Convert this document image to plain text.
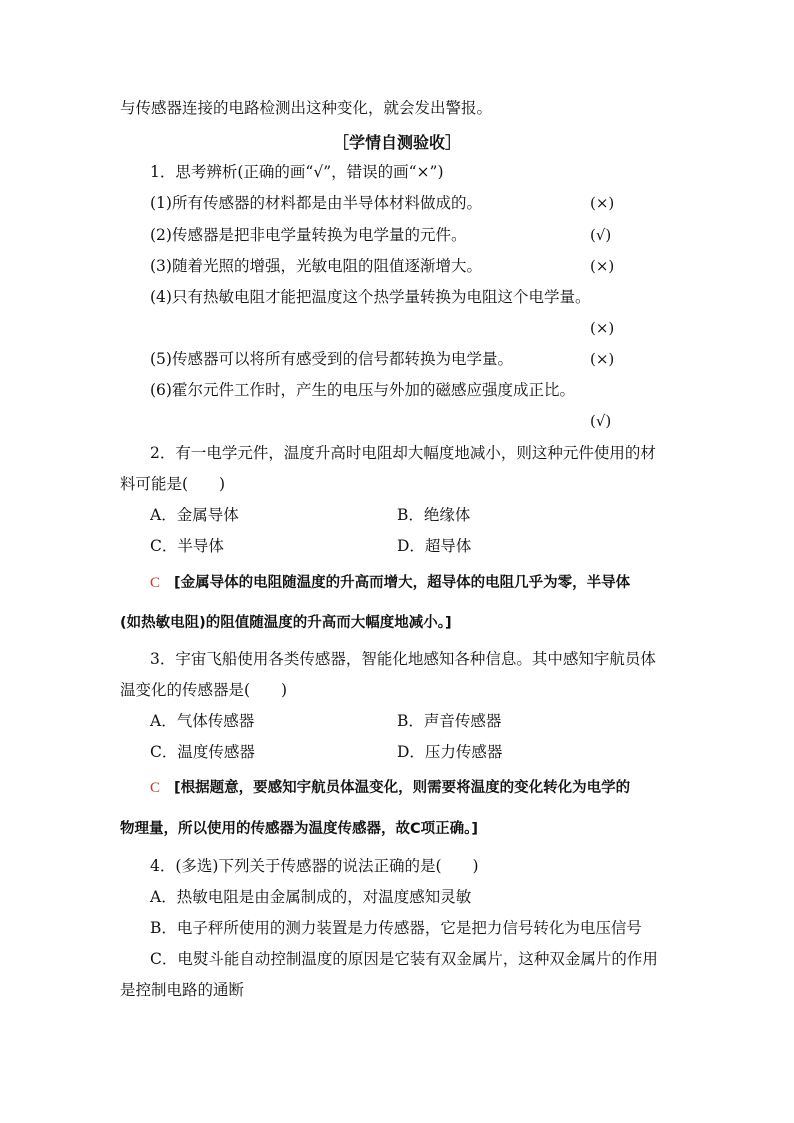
与传感器连接的电路检测出这种变化，就会发出警报。
［学情自测验收］
1．思考辨析(正确的画“√”，错误的画“×”)
(1)所有传感器的材料都是由半导体材料做成的。	(×)
(2)传感器是把非电学量转换为电学量的元件。	(√)
(3)随着光照的增强，光敏电阻的阻值逐渐增大。	(×)
(4)只有热敏电阻才能把温度这个热学量转换为电阻这个电学量。
(×)
(5)传感器可以将所有感受到的信号都转换为电学量。	(×)
(6)霍尔元件工作时，产生的电压与外加的磁感应强度成正比。
(√)
2．有一电学元件，温度升高时电阻却大幅度地减小，则这种元件使用的材
料可能是(　　)
A．金属导体	B．绝缘体
C．半导体	D．超导体
C [金属导体的电阻随温度的升高而增大，超导体的电阻几乎为零，半导体
(如热敏电阻)的阻值随温度的升高而大幅度地减小。]
3．宇宙飞船使用各类传感器，智能化地感知各种信息。其中感知宇航员体
温变化的传感器是(　　)
A．气体传感器	B．声音传感器
C．温度传感器	D．压力传感器
C [根据题意，要感知宇航员体温变化，则需要将温度的变化转化为电学的
物理量，所以使用的传感器为温度传感器，故C项正确。]
4．(多选)下列关于传感器的说法正确的是(　　)
A．热敏电阻是由金属制成的，对温度感知灵敏
B．电子秤所使用的测力装置是力传感器，它是把力信号转化为电压信号
C．电熨斗能自动控制温度的原因是它装有双金属片，这种双金属片的作用
是控制电路的通断
